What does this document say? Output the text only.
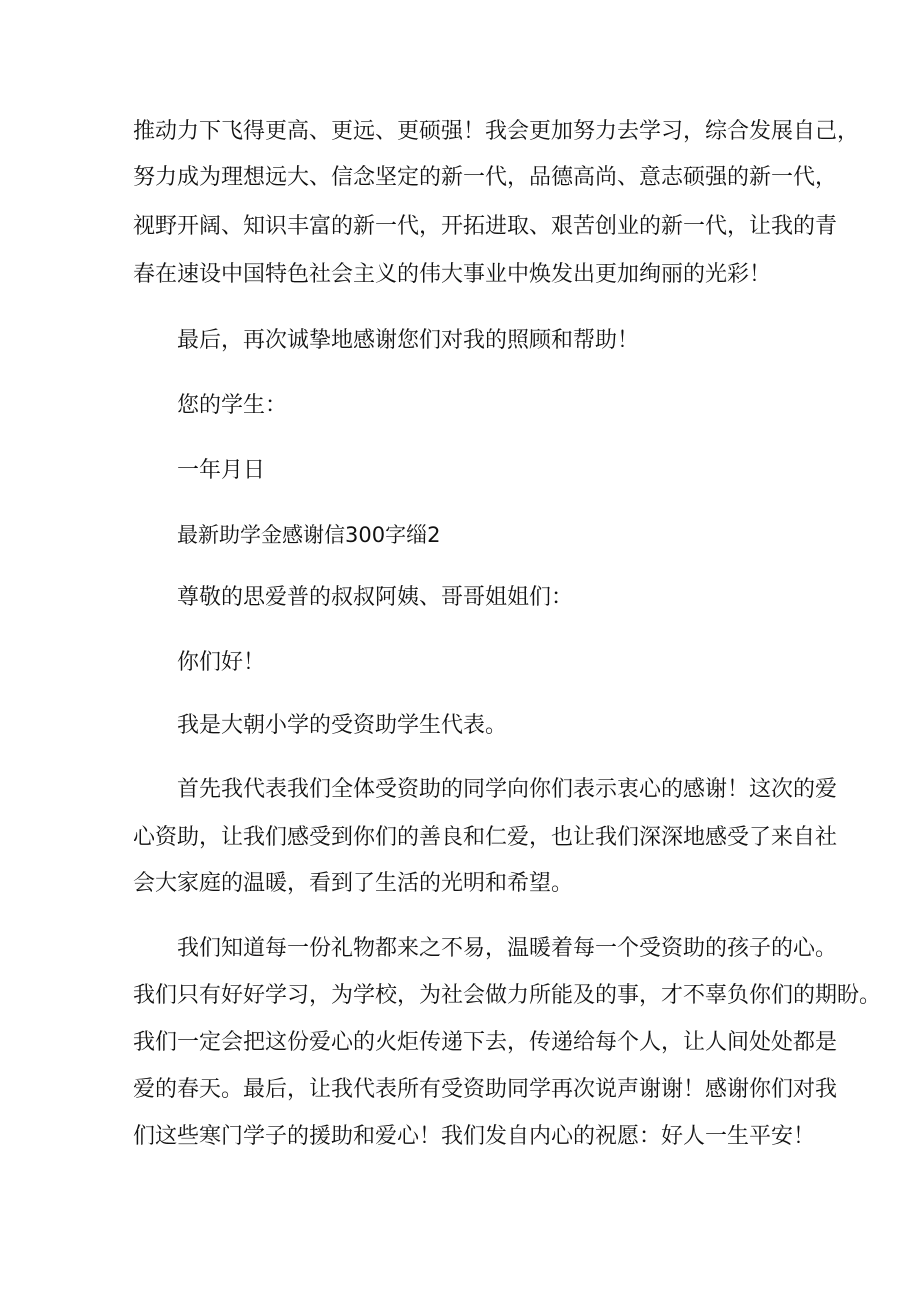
推动力下飞得更高、更远、更硕强！我会更加努力去学习，综合发展自己，
努力成为理想远大、信念坚定的新一代，品德高尚、意志硕强的新一代，
视野开阔、知识丰富的新一代，开拓进取、艰苦创业的新一代，让我的青
春在速设中国特色社会主义的伟大事业中焕发出更加绚丽的光彩！
最后，再次诚挚地感谢您们对我的照顾和帮助！
您的学生：
一年月日
最新助学金感谢信300字缁2
尊敬的思爱普的叔叔阿姨、哥哥姐姐们：
你们好！
我是大朝小学的受资助学生代表。
首先我代表我们全体受资助的同学向你们表示衷心的感谢！这次的爱
心资助，让我们感受到你们的善良和仁爱，也让我们深深地感受了来自社
会大家庭的温暖，看到了生活的光明和希望。
我们知道每一份礼物都来之不易，温暖着每一个受资助的孩子的心。
我们只有好好学习，为学校，为社会做力所能及的事，才不辜负你们的期盼。
我们一定会把这份爱心的火炬传递下去，传递给每个人，让人间处处都是
爱的春天。最后，让我代表所有受资助同学再次说声谢谢！感谢你们对我
们这些寒门学子的援助和爱心！我们发自内心的祝愿：好人一生平安！
